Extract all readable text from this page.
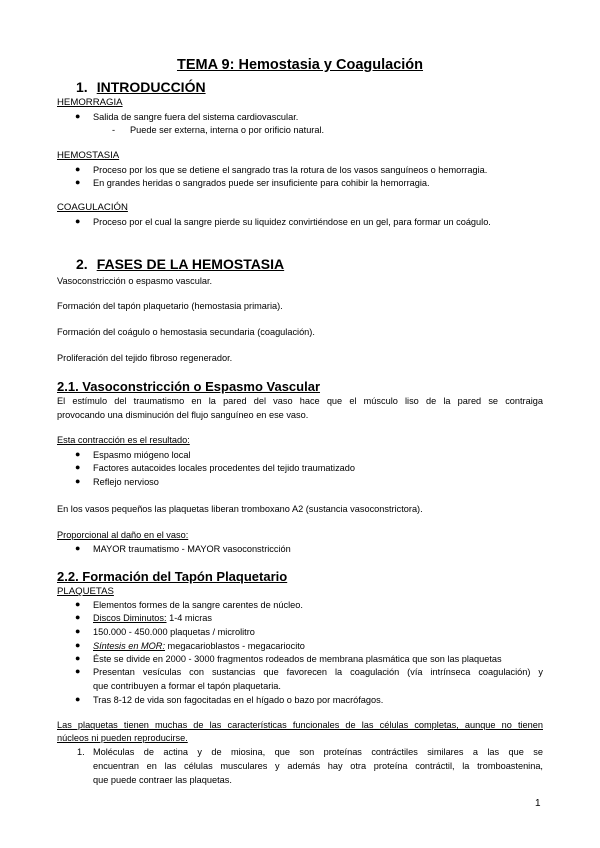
TEMA 9: Hemostasia y Coagulación
1. INTRODUCCIÓN
HEMORRAGIA
● Salida de sangre fuera del sistema cardiovascular.
- Puede ser externa, interna o por orificio natural.
HEMOSTASIA
● Proceso por los que se detiene el sangrado tras la rotura de los vasos sanguíneos o hemorragia.
● En grandes heridas o sangrados puede ser insuficiente para cohibir la hemorragia.
COAGULACIÓN
● Proceso por el cual la sangre pierde su liquidez convirtiéndose en un gel, para formar un coágulo.
2. FASES DE LA HEMOSTASIA
Vasoconstricción o espasmo vascular.
Formación del tapón plaquetario (hemostasia primaria).
Formación del coágulo o hemostasia secundaria (coagulación).
Proliferación del tejido fibroso regenerador.
2.1. Vasoconstricción o Espasmo Vascular
El estímulo del traumatismo en la pared del vaso hace que el músculo liso de la pared se contraiga
provocando una disminución del flujo sanguíneo en ese vaso.
Esta contracción es el resultado:
● Espasmo miógeno local
● Factores autacoides locales procedentes del tejido traumatizado
● Reflejo nervioso
En los vasos pequeños las plaquetas liberan tromboxano A2 (sustancia vasoconstrictora).
Proporcional al daño en el vaso:
● MAYOR traumatismo - MAYOR vasoconstricción
2.2. Formación del Tapón Plaquetario
PLAQUETAS
● Elementos formes de la sangre carentes de núcleo.
● Discos Diminutos: 1-4 micras
● 150.000 - 450.000 plaquetas / microlitro
● Síntesis en MOR: megacarioblastos - megacariocito
● Éste se divide en 2000 - 3000 fragmentos rodeados de membrana plasmática que son las plaquetas
● Presentan vesículas con sustancias que favorecen la coagulación (vía intrínseca coagulación) y
que contribuyen a formar el tapón plaquetaria.
● Tras 8-12 de vida son fagocitadas en el hígado o bazo por macrófagos.
Las plaquetas tienen muchas de las características funcionales de las células completas, aunque no tienen
núcleos ni pueden reproducirse.
1. Moléculas de actina y de miosina, que son proteínas contráctiles similares a las que se
encuentran en las células musculares y además hay otra proteína contráctil, la tromboastenina,
que puede contraer las plaquetas.
1
